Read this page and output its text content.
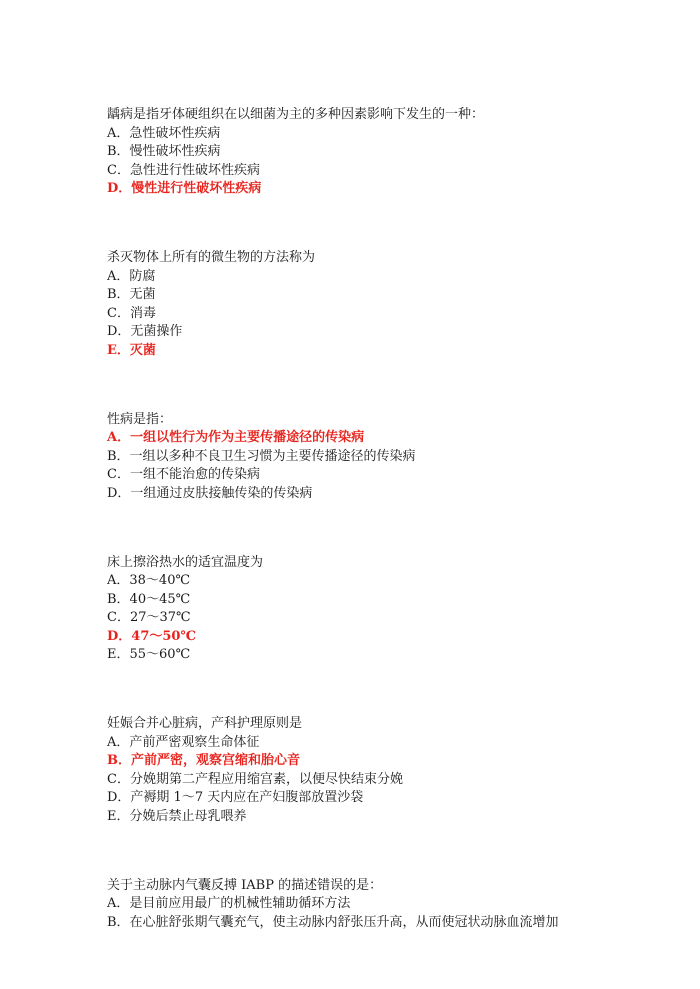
龋病是指牙体硬组织在以细菌为主的多种因素影响下发生的一种：
A．急性破坏性疾病
B．慢性破坏性疾病
C．急性进行性破坏性疾病
D．慢性进行性破坏性疾病
杀灭物体上所有的微生物的方法称为
A．防腐
B．无菌
C．消毒
D．无菌操作
E．灭菌
性病是指：
A．一组以性行为作为主要传播途径的传染病
B．一组以多种不良卫生习惯为主要传播途径的传染病
C．一组不能治愈的传染病
D．一组通过皮肤接触传染的传染病
床上擦浴热水的适宜温度为
A．38～40℃
B．40～45℃
C．27～37℃
D．47～50℃
E．55～60℃
妊娠合并心脏病，产科护理原则是
A．产前严密观察生命体征
B．产前严密，观察宫缩和胎心音
C．分娩期第二产程应用缩宫素，以便尽快结束分娩
D．产褥期 1～7 天内应在产妇腹部放置沙袋
E．分娩后禁止母乳喂养
关于主动脉内气囊反搏 IABP 的描述错误的是：
A．是目前应用最广的机械性辅助循环方法
B．在心脏舒张期气囊充气，使主动脉内舒张压升高，从而使冠状动脉血流增加
